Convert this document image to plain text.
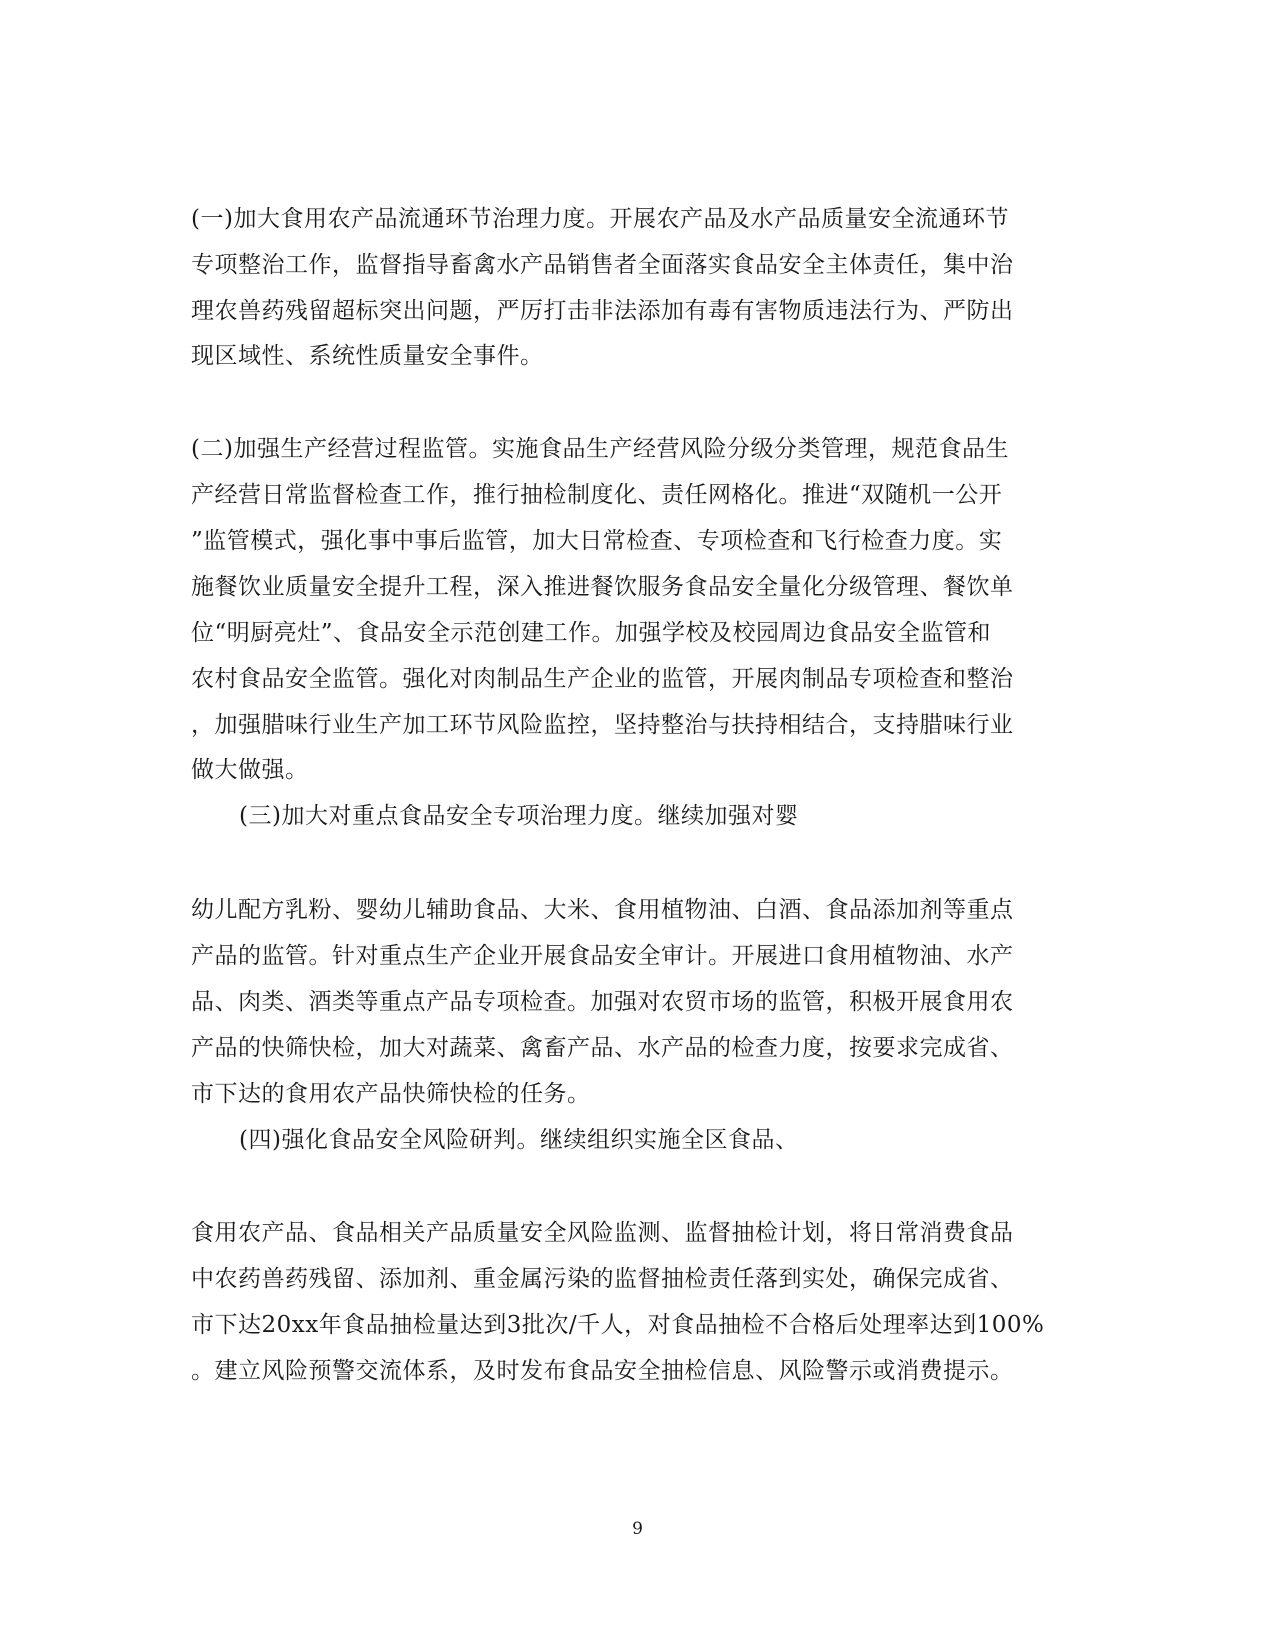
(一)加大食用农产品流通环节治理力度。开展农产品及水产品质量安全流通环节
专项整治工作，监督指导畜禽水产品销售者全面落实食品安全主体责任，集中治
理农兽药残留超标突出问题，严厉打击非法添加有毒有害物质违法行为、严防出
现区域性、系统性质量安全事件。
(二)加强生产经营过程监管。实施食品生产经营风险分级分类管理，规范食品生
产经营日常监督检查工作，推行抽检制度化、责任网格化。推进“双随机一公开
”监管模式，强化事中事后监管，加大日常检查、专项检查和飞行检查力度。实
施餐饮业质量安全提升工程，深入推进餐饮服务食品安全量化分级管理、餐饮单
位“明厨亮灶”、食品安全示范创建工作。加强学校及校园周边食品安全监管和
农村食品安全监管。强化对肉制品生产企业的监管，开展肉制品专项检查和整治
，加强腊味行业生产加工环节风险监控，坚持整治与扶持相结合，支持腊味行业
做大做强。
(三)加大对重点食品安全专项治理力度。继续加强对婴
幼儿配方乳粉、婴幼儿辅助食品、大米、食用植物油、白酒、食品添加剂等重点
产品的监管。针对重点生产企业开展食品安全审计。开展进口食用植物油、水产
品、肉类、酒类等重点产品专项检查。加强对农贸市场的监管，积极开展食用农
产品的快筛快检，加大对蔬菜、禽畜产品、水产品的检查力度，按要求完成省、
市下达的食用农产品快筛快检的任务。
(四)强化食品安全风险研判。继续组织实施全区食品、
食用农产品、食品相关产品质量安全风险监测、监督抽检计划，将日常消费食品
中农药兽药残留、添加剂、重金属污染的监督抽检责任落到实处，确保完成省、
市下达20xx年食品抽检量达到3批次/千人，对食品抽检不合格后处理率达到100%
。建立风险预警交流体系，及时发布食品安全抽检信息、风险警示或消费提示。
9
